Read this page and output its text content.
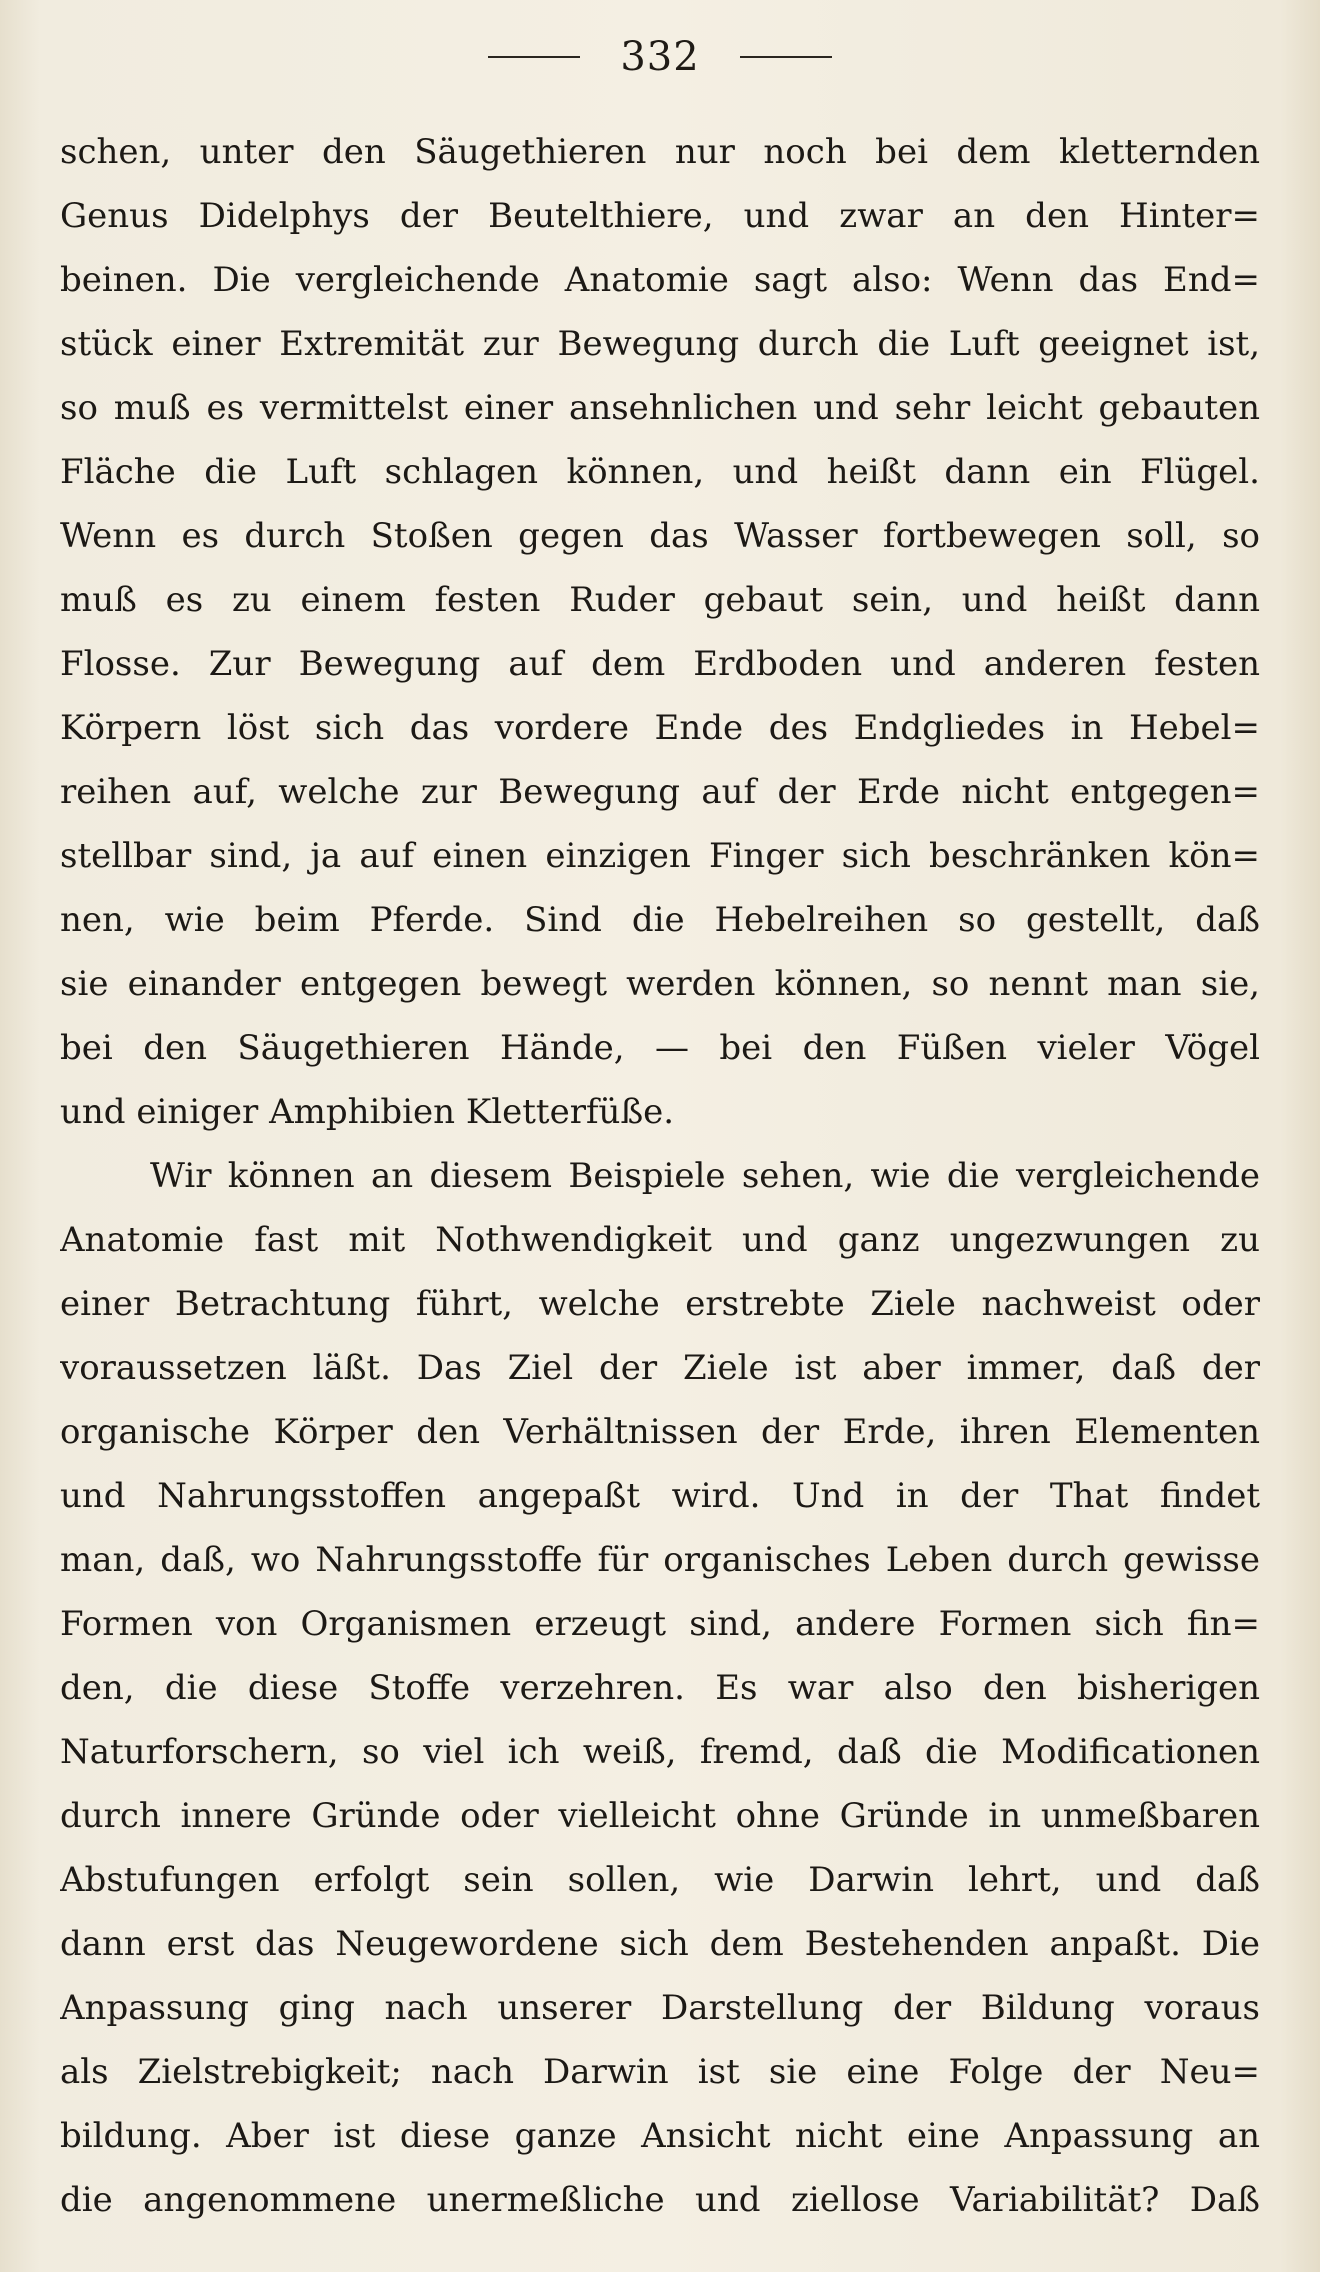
332
schen, unter den Säugethieren nur noch bei dem kletternden
Genus Didelphys der Beutelthiere, und zwar an den Hinter=
beinen. Die vergleichende Anatomie sagt also: Wenn das End=
stück einer Extremität zur Bewegung durch die Luft geeignet ist,
so muß es vermittelst einer ansehnlichen und sehr leicht gebauten
Fläche die Luft schlagen können, und heißt dann ein Flügel.
Wenn es durch Stoßen gegen das Wasser fortbewegen soll, so
muß es zu einem festen Ruder gebaut sein, und heißt dann
Flosse. Zur Bewegung auf dem Erdboden und anderen festen
Körpern löst sich das vordere Ende des Endgliedes in Hebel=
reihen auf, welche zur Bewegung auf der Erde nicht entgegen=
stellbar sind, ja auf einen einzigen Finger sich beschränken kön=
nen, wie beim Pferde. Sind die Hebelreihen so gestellt, daß
sie einander entgegen bewegt werden können, so nennt man sie,
bei den Säugethieren Hände, — bei den Füßen vieler Vögel
und einiger Amphibien Kletterfüße.
Wir können an diesem Beispiele sehen, wie die vergleichende
Anatomie fast mit Nothwendigkeit und ganz ungezwungen zu
einer Betrachtung führt, welche erstrebte Ziele nachweist oder
voraussetzen läßt. Das Ziel der Ziele ist aber immer, daß der
organische Körper den Verhältnissen der Erde, ihren Elementen
und Nahrungsstoffen angepaßt wird. Und in der That findet
man, daß, wo Nahrungsstoffe für organisches Leben durch gewisse
Formen von Organismen erzeugt sind, andere Formen sich fin=
den, die diese Stoffe verzehren. Es war also den bisherigen
Naturforschern, so viel ich weiß, fremd, daß die Modificationen
durch innere Gründe oder vielleicht ohne Gründe in unmeßbaren
Abstufungen erfolgt sein sollen, wie Darwin lehrt, und daß
dann erst das Neugewordene sich dem Bestehenden anpaßt. Die
Anpassung ging nach unserer Darstellung der Bildung voraus
als Zielstrebigkeit; nach Darwin ist sie eine Folge der Neu=
bildung. Aber ist diese ganze Ansicht nicht eine Anpassung an
die angenommene unermeßliche und ziellose Variabilität? Daß
